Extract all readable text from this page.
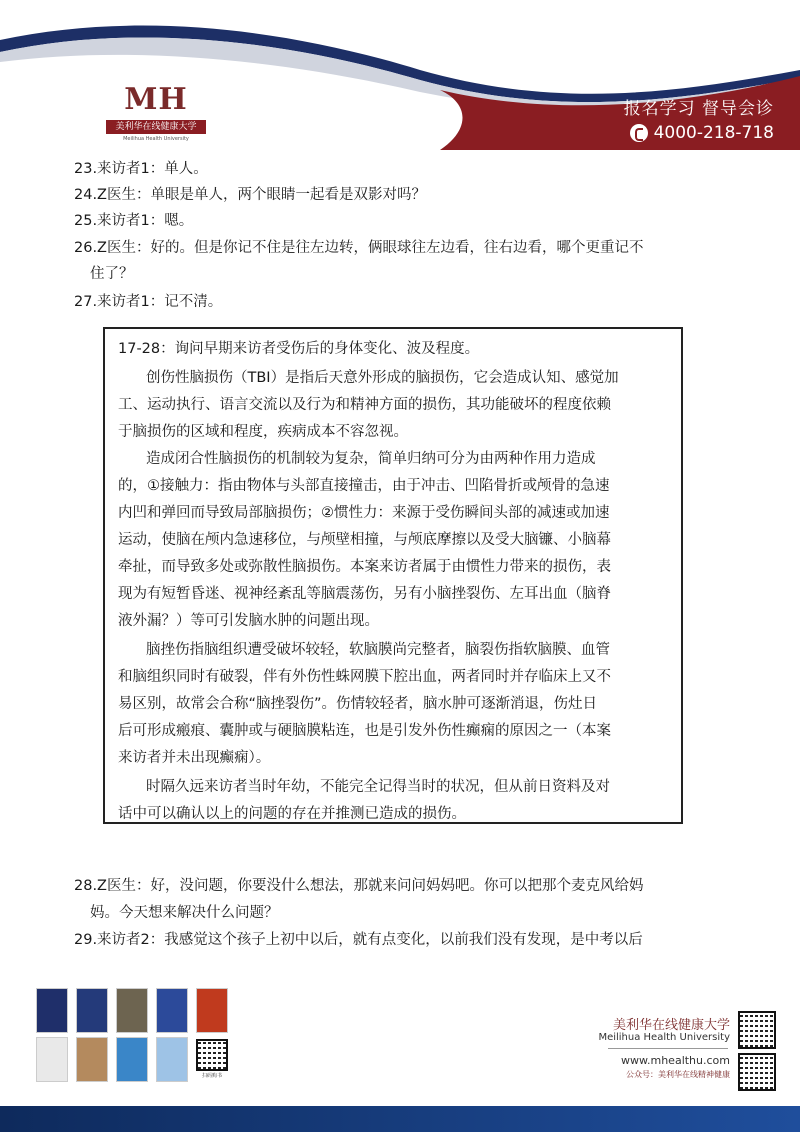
MH
美利华在线健康大学
Meilihua Health University
报名学习 督导会诊
4000-218-718
23.来访者1：单人。
24.Z医生：单眼是单人，两个眼睛一起看是双影对吗？
25.来访者1：嗯。
26.Z医生：好的。但是你记不住是往左边转，俩眼球往左边看，往右边看，哪个更重记不
住了？
27.来访者1：记不清。
17-28：询问早期来访者受伤后的身体变化、波及程度。
创伤性脑损伤（TBI）是指后天意外形成的脑损伤，它会造成认知、感觉加
工、运动执行、语言交流以及行为和精神方面的损伤，其功能破坏的程度依赖
于脑损伤的区域和程度，疾病成本不容忽视。
造成闭合性脑损伤的机制较为复杂，简单归纳可分为由两种作用力造成
的，①接触力：指由物体与头部直接撞击，由于冲击、凹陷骨折或颅骨的急速
内凹和弹回而导致局部脑损伤；②惯性力：来源于受伤瞬间头部的减速或加速
运动，使脑在颅内急速移位，与颅壁相撞，与颅底摩擦以及受大脑镰、小脑幕
牵扯，而导致多处或弥散性脑损伤。本案来访者属于由惯性力带来的损伤，表
现为有短暂昏迷、视神经紊乱等脑震荡伤，另有小脑挫裂伤、左耳出血（脑脊
液外漏？）等可引发脑水肿的问题出现。
脑挫伤指脑组织遭受破坏较轻，软脑膜尚完整者，脑裂伤指软脑膜、血管
和脑组织同时有破裂，伴有外伤性蛛网膜下腔出血，两者同时并存临床上又不
易区别，故常会合称“脑挫裂伤”。伤情较轻者，脑水肿可逐渐消退，伤灶日
后可形成瘢痕、囊肿或与硬脑膜粘连，也是引发外伤性癫痫的原因之一（本案
来访者并未出现癫痫）。
时隔久远来访者当时年幼，不能完全记得当时的状况，但从前日资料及对
话中可以确认以上的问题的存在并推测已造成的损伤。
28.Z医生：好，没问题，你要没什么想法，那就来问问妈妈吧。你可以把那个麦克风给妈
妈。今天想来解决什么问题？
29.来访者2：我感觉这个孩子上初中以后，就有点变化，以前我们没有发现，是中考以后
扫码购书
美利华在线健康大学
Meilihua Health University
www.mhealthu.com
公众号：美利华在线精神健康
